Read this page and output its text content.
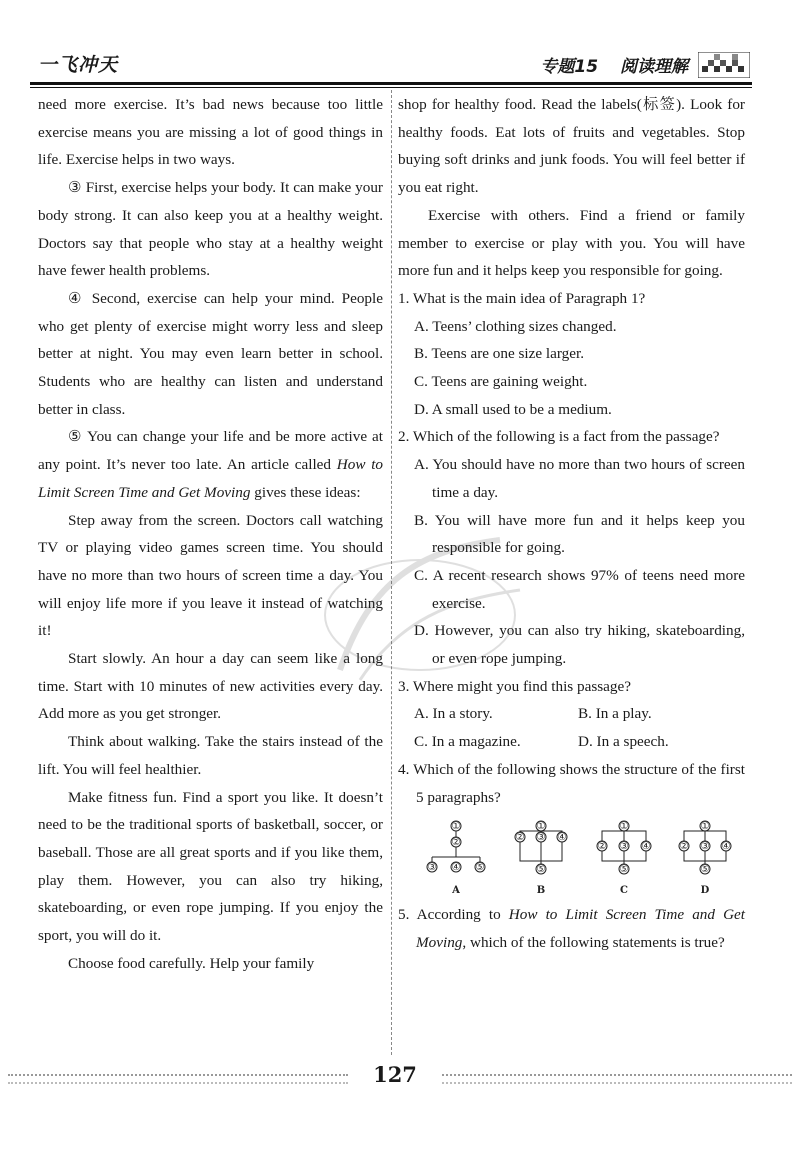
一飞冲天	专题15 阅读理解

need more exercise. It’s bad news because too little exercise means you are missing a lot of good things in life. Exercise helps in two ways.

③ First, exercise helps your body. It can make your body strong. It can also keep you at a healthy weight. Doctors say that people who stay at a healthy weight have fewer health problems.

④ Second, exercise can help your mind. People who get plenty of exercise might worry less and sleep better at night. You may even learn better in school. Students who are healthy can listen and understand better in class.

⑤ You can change your life and be more active at any point. It’s never too late. An article called How to Limit Screen Time and Get Moving gives these ideas:

Step away from the screen. Doctors call watching TV or playing video games screen time. You should have no more than two hours of screen time a day. You will enjoy life more if you leave it instead of watching it!

Start slowly. An hour a day can seem like a long time. Start with 10 minutes of new activities every day. Add more as you get stronger.

Think about walking. Take the stairs instead of the lift. You will feel healthier.

Make fitness fun. Find a sport you like. It doesn’t need to be the traditional sports of basketball, soccer, or baseball. Those are all great sports and if you like them, play them. However, you can also try hiking, skateboarding, or even rope jumping. If you enjoy the sport, you will do it.

Choose food carefully. Help your family

shop for healthy food. Read the labels(标签). Look for healthy foods. Eat lots of fruits and vegetables. Stop buying soft drinks and junk foods. You will feel better if you eat right.

Exercise with others. Find a friend or family member to exercise or play with you. You will have more fun and it helps keep you responsible for going.

1. What is the main idea of Paragraph 1?

A. Teens’ clothing sizes changed.

B. Teens are one size larger.

C. Teens are gaining weight.

D. A small used to be a medium.

2. Which of the following is a fact from the passage?

A. You should have no more than two hours of screen time a day.

B. You will have more fun and it helps keep you responsible for going.

C. A recent research shows 97% of teens need more exercise.

D. However, you can also try hiking, skateboarding, or even rope jumping.

3. Where might you find this passage?

A. In a story.	B. In a play.
C. In a magazine.	D. In a speech.

4. Which of the following shows the structure of the first 5 paragraphs?

①
②
③ ④ ⑤
A
①
② ③ ④
⑤
B
①
② ③ ④
⑤
C
①
② ③ ④
⑤
D

5. According to How to Limit Screen Time and Get Moving, which of the following statements is true?

127
